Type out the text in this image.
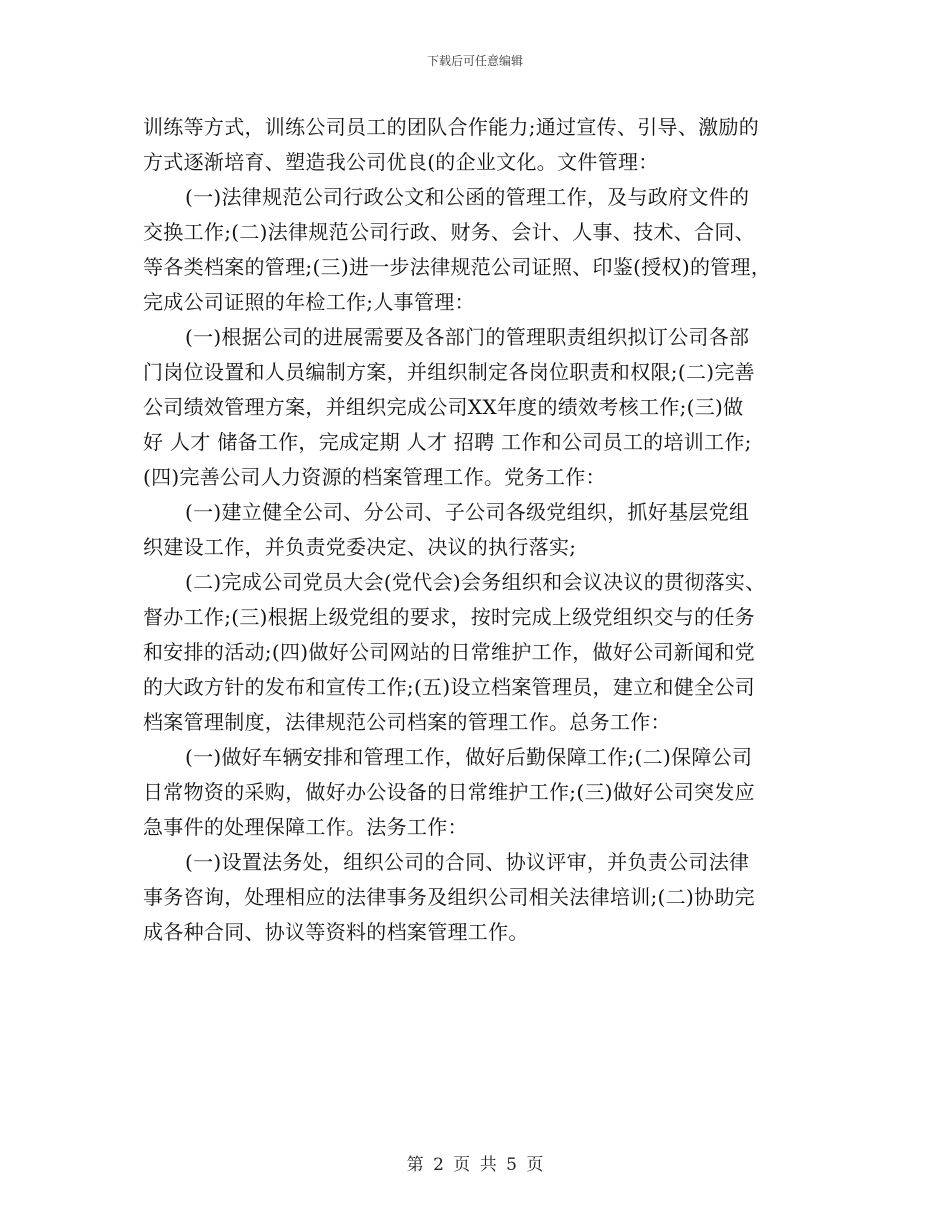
下载后可任意编辑
训练等方式，训练公司员工的团队合作能力;通过宣传、引导、激励的
方式逐渐培育、塑造我公司优良(的企业文化。文件管理：
(一)法律规范公司行政公文和公函的管理工作，及与政府文件的
交换工作;(二)法律规范公司行政、财务、会计、人事、技术、合同、
等各类档案的管理;(三)进一步法律规范公司证照、印鉴(授权)的管理，
完成公司证照的年检工作;人事管理：
(一)根据公司的进展需要及各部门的管理职责组织拟订公司各部
门岗位设置和人员编制方案，并组织制定各岗位职责和权限;(二)完善
公司绩效管理方案，并组织完成公司XX年度的绩效考核工作;(三)做
好 人才 储备工作，完成定期 人才 招聘 工作和公司员工的培训工作;
(四)完善公司人力资源的档案管理工作。党务工作：
(一)建立健全公司、分公司、子公司各级党组织，抓好基层党组
织建设工作，并负责党委决定、决议的执行落实;
(二)完成公司党员大会(党代会)会务组织和会议决议的贯彻落实、
督办工作;(三)根据上级党组的要求，按时完成上级党组织交与的任务
和安排的活动;(四)做好公司网站的日常维护工作，做好公司新闻和党
的大政方针的发布和宣传工作;(五)设立档案管理员，建立和健全公司
档案管理制度，法律规范公司档案的管理工作。总务工作：
(一)做好车辆安排和管理工作，做好后勤保障工作;(二)保障公司
日常物资的采购，做好办公设备的日常维护工作;(三)做好公司突发应
急事件的处理保障工作。法务工作：
(一)设置法务处，组织公司的合同、协议评审，并负责公司法律
事务咨询，处理相应的法律事务及组织公司相关法律培训;(二)协助完
成各种合同、协议等资料的档案管理工作。
第 2 页 共 5 页
